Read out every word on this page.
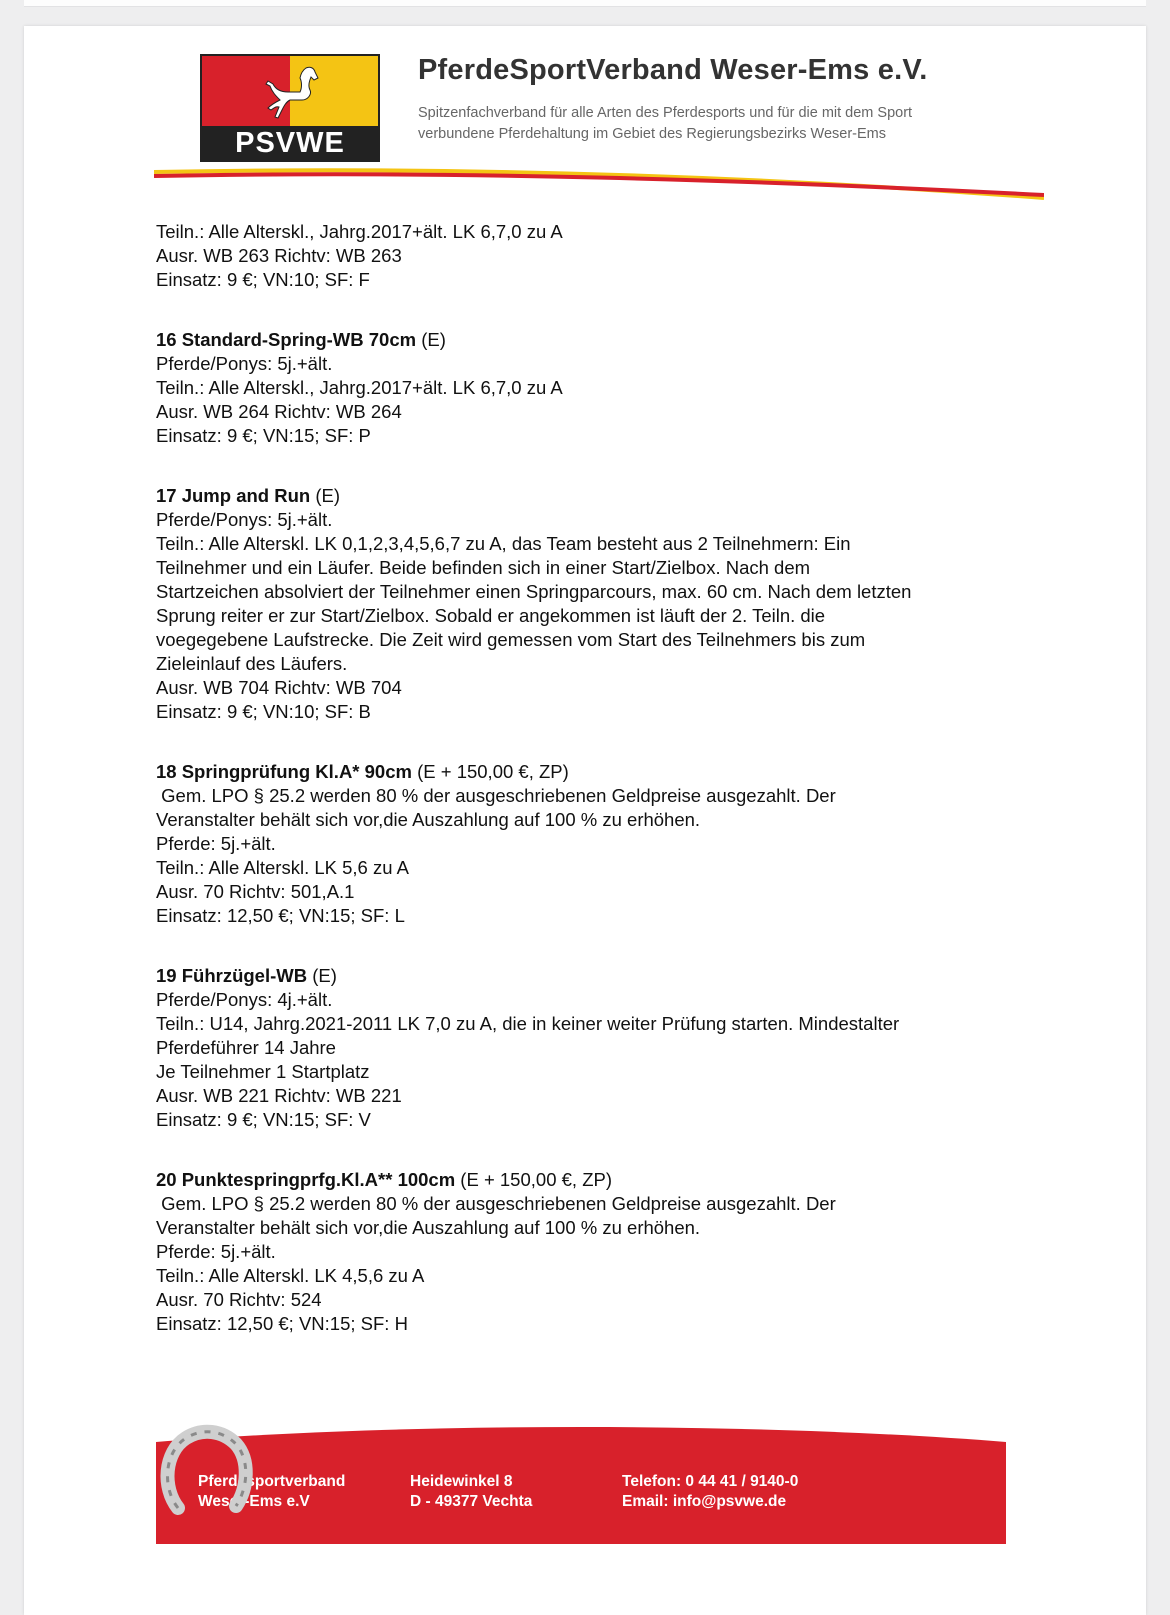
PSVWE
PferdeSportVerband Weser-Ems e.V.
Spitzenfachverband für alle Arten des Pferdesports und für die mit dem Sport verbundene Pferdehaltung im Gebiet des Regierungsbezirks Weser-Ems
Teiln.: Alle Alterskl., Jahrg.2017+ält. LK 6,7,0 zu A
Ausr. WB 263 Richtv: WB 263
Einsatz: 9 €; VN:10; SF: F
16 Standard-Spring-WB 70cm (E)
Pferde/Ponys: 5j.+ält.
Teiln.: Alle Alterskl., Jahrg.2017+ält. LK 6,7,0 zu A
Ausr. WB 264 Richtv: WB 264
Einsatz: 9 €; VN:15; SF: P
17 Jump and Run (E)
Pferde/Ponys: 5j.+ält.
Teiln.: Alle Alterskl. LK 0,1,2,3,4,5,6,7 zu A, das Team besteht aus 2 Teilnehmern: Ein
Teilnehmer und ein Läufer. Beide befinden sich in einer Start/Zielbox. Nach dem
Startzeichen absolviert der Teilnehmer einen Springparcours, max. 60 cm. Nach dem letzten
Sprung reiter er zur Start/Zielbox. Sobald er angekommen ist läuft der 2. Teiln. die
voegegebene Laufstrecke. Die Zeit wird gemessen vom Start des Teilnehmers bis zum
Zieleinlauf des Läufers.
Ausr. WB 704 Richtv: WB 704
Einsatz: 9 €; VN:10; SF: B
18 Springprüfung Kl.A* 90cm (E + 150,00 €, ZP)
Gem. LPO § 25.2 werden 80 % der ausgeschriebenen Geldpreise ausgezahlt. Der
Veranstalter behält sich vor,die Auszahlung auf 100 % zu erhöhen.
Pferde: 5j.+ält.
Teiln.: Alle Alterskl. LK 5,6 zu A
Ausr. 70 Richtv: 501,A.1
Einsatz: 12,50 €; VN:15; SF: L
19 Führzügel-WB (E)
Pferde/Ponys: 4j.+ält.
Teiln.: U14, Jahrg.2021-2011 LK 7,0 zu A, die in keiner weiter Prüfung starten. Mindestalter
Pferdeführer 14 Jahre
Je Teilnehmer 1 Startplatz
Ausr. WB 221 Richtv: WB 221
Einsatz: 9 €; VN:15; SF: V
20 Punktespringprfg.Kl.A** 100cm (E + 150,00 €, ZP)
Gem. LPO § 25.2 werden 80 % der ausgeschriebenen Geldpreise ausgezahlt. Der
Veranstalter behält sich vor,die Auszahlung auf 100 % zu erhöhen.
Pferde: 5j.+ält.
Teiln.: Alle Alterskl. LK 4,5,6 zu A
Ausr. 70 Richtv: 524
Einsatz: 12,50 €; VN:15; SF: H
Pferdesportverband
Weser-Ems e.V
Heidewinkel 8
D - 49377 Vechta
Telefon: 0 44 41 / 9140-0
Email: info@psvwe.de
